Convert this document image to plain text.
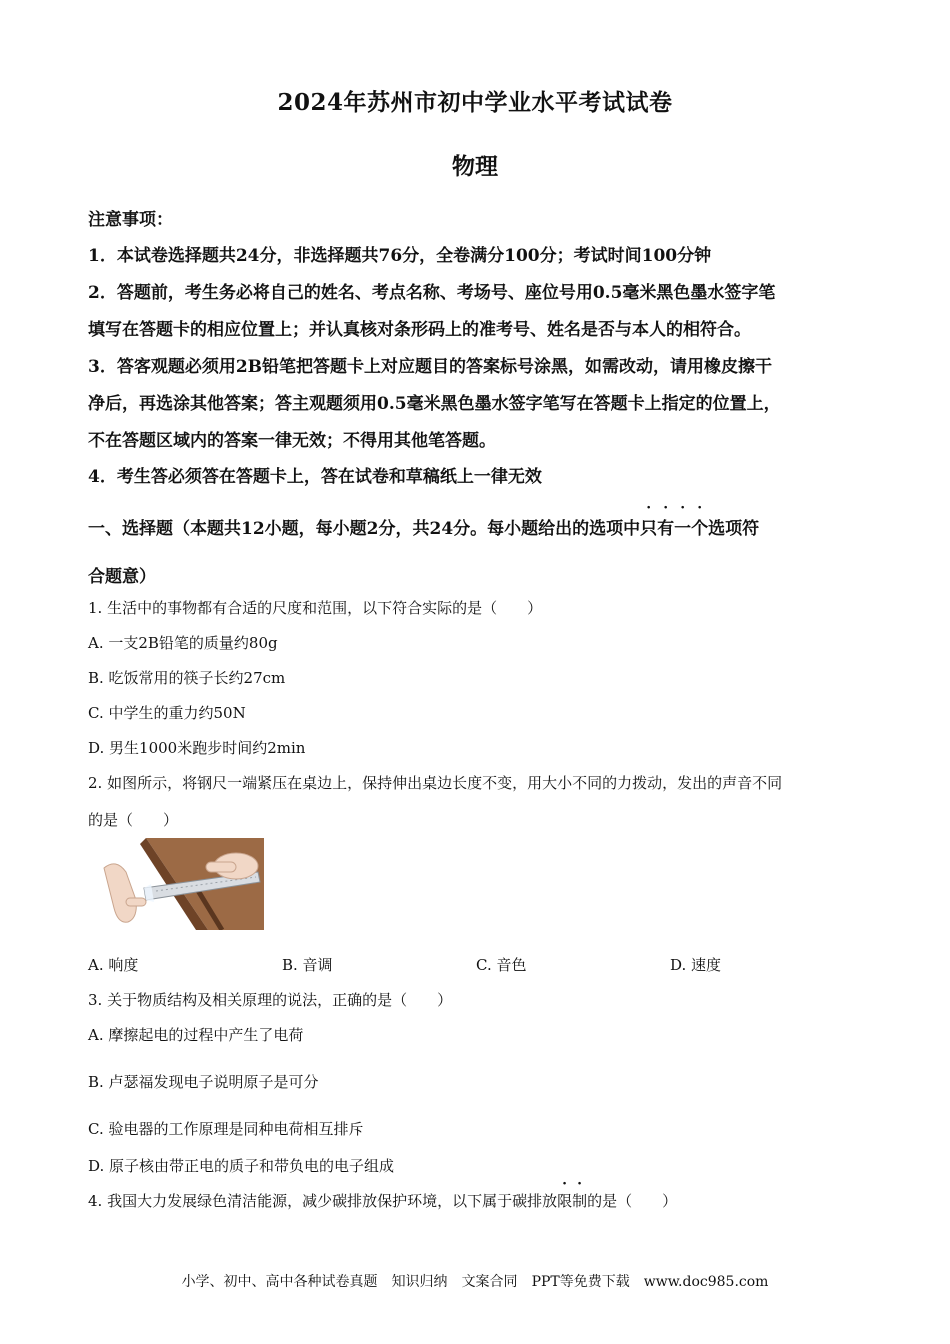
2024年苏州市初中学业水平考试试卷
物理
注意事项：
1．本试卷选择题共24分，非选择题共76分，全卷满分100分；考试时间100分钟
2．答题前，考生务必将自己的姓名、考点名称、考场号、座位号用0.5毫米黑色墨水签字笔
填写在答题卡的相应位置上；并认真核对条形码上的准考号、姓名是否与本人的相符合。
3．答客观题必须用2B铅笔把答题卡上对应题目的答案标号涂黑，如需改动，请用橡皮擦干
净后，再选涂其他答案；答主观题须用0.5毫米黑色墨水签字笔写在答题卡上指定的位置上，
不在答题区域内的答案一律无效；不得用其他笔答题。
4．考生答必须答在答题卡上，答在试卷和草稿纸上一律无效
一、选择题（本题共12小题，每小题2分，共24分。每小题给出的选项中只有一个选项符
合题意）
1. 生活中的事物都有合适的尺度和范围，以下符合实际的是（　　）
A. 一支2B铅笔的质量约80g
B. 吃饭常用的筷子长约27cm
C. 中学生的重力约50N
D. 男生1000米跑步时间约2min
2. 如图所示，将钢尺一端紧压在桌边上，保持伸出桌边长度不变，用大小不同的力拨动，发出的声音不同
的是（　　）
A. 响度	B. 音调	C. 音色	D. 速度
3. 关于物质结构及相关原理的说法，正确的是（　　）
A. 摩擦起电的过程中产生了电荷
B. 卢瑟福发现电子说明原子是可分
C. 验电器的工作原理是同种电荷相互排斥
D. 原子核由带正电的质子和带负电的电子组成
4. 我国大力发展绿色清洁能源，减少碳排放保护环境，以下属于碳排放限制的是（　　）
小学、初中、高中各种试卷真题 知识归纳 文案合同 PPT等免费下载 www.doc985.com
